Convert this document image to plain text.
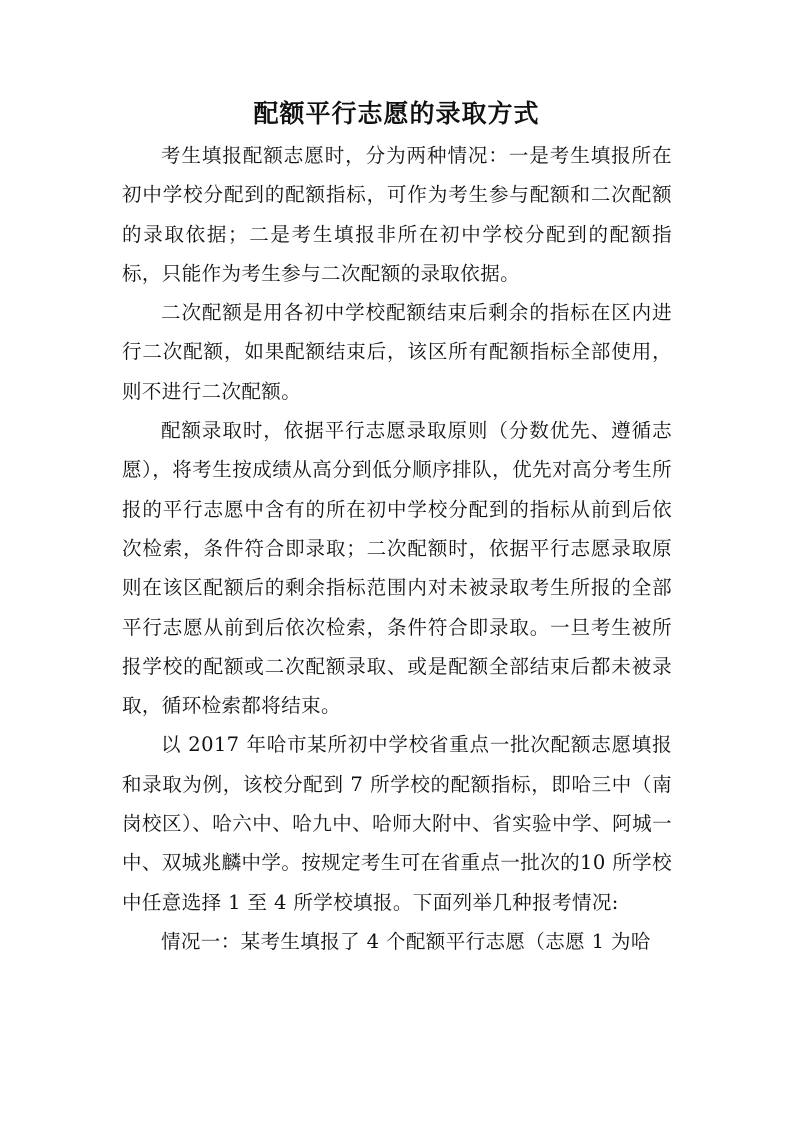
配额平行志愿的录取方式

考生填报配额志愿时，分为两种情况：一是考生填报所在初中学校分配到的配额指标，可作为考生参与配额和二次配额的录取依据；二是考生填报非所在初中学校分配到的配额指标，只能作为考生参与二次配额的录取依据。

二次配额是用各初中学校配额结束后剩余的指标在区内进行二次配额，如果配额结束后，该区所有配额指标全部使用，则不进行二次配额。

配额录取时，依据平行志愿录取原则（分数优先、遵循志愿），将考生按成绩从高分到低分顺序排队，优先对高分考生所报的平行志愿中含有的所在初中学校分配到的指标从前到后依次检索，条件符合即录取；二次配额时，依据平行志愿录取原则在该区配额后的剩余指标范围内对未被录取考生所报的全部平行志愿从前到后依次检索，条件符合即录取。一旦考生被所报学校的配额或二次配额录取、或是配额全部结束后都未被录取，循环检索都将结束。

以 2017 年哈市某所初中学校省重点一批次配额志愿填报和录取为例，该校分配到 7 所学校的配额指标，即哈三中（南岗校区）、哈六中、哈九中、哈师大附中、省实验中学、阿城一中、双城兆麟中学。按规定考生可在省重点一批次的10 所学校中任意选择 1 至 4 所学校填报。下面列举几种报考情况:

情况一：某考生填报了 4 个配额平行志愿（志愿 1 为哈
